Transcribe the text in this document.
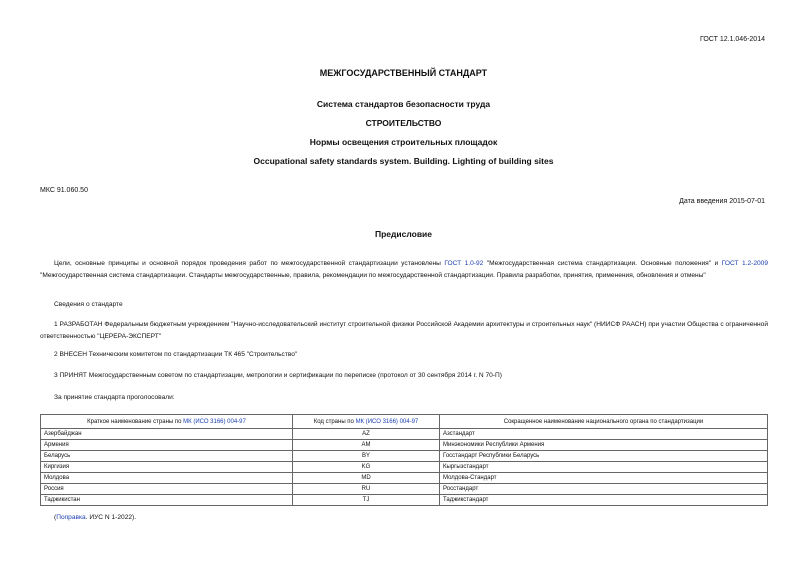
ГОСТ 12.1.046-2014
МЕЖГОСУДАРСТВЕННЫЙ СТАНДАРТ
Система стандартов безопасности труда
СТРОИТЕЛЬСТВО
Нормы освещения строительных площадок
Occupational safety standards system. Building. Lighting of building sites
МКС 91.060.50
Дата введения 2015-07-01
Предисловие

Цели, основные принципы и основной порядок проведения работ по межгосударственной стандартизации установлены ГОСТ 1.0-92 "Межгосударственная система стандартизации. Основные положения" и ГОСТ 1.2-2009 "Межгосударственная система стандартизации. Стандарты межгосударственные, правила, рекомендации по межгосударственной стандартизации. Правила разработки, принятия, применения, обновления и отмены"

Сведения о стандарте

1 РАЗРАБОТАН Федеральным бюджетным учреждением "Научно-исследовательский институт строительной физики Российской Академии архитектуры и строительных наук" (НИИСФ РААСН) при участии Общества с ограниченной ответственностью "ЦЕРЕРА-ЭКСПЕРТ"

2 ВНЕСЕН Техническим комитетом по стандартизации ТК 465 "Строительство"

3 ПРИНЯТ Межгосударственным советом по стандартизации, метрологии и сертификации по переписке (протокол от 30 сентября 2014 г. N 70-П)

За принятие стандарта проголосовали:

Краткое наименование страны по МК (ИСО 3166) 004-97	Код страны по МК (ИСО 3166) 004-97	Сокращенное наименование национального органа по стандартизации
Азербайджан	AZ	Азстандарт
Армения	AM	Минэкономики Республики Армения
Беларусь	BY	Госстандарт Республики Беларусь
Киргизия	KG	Кыргызстандарт
Молдова	MD	Молдова-Стандарт
Россия	RU	Росстандарт
Таджикистан	TJ	Таджикстандарт
(Поправка. ИУС N 1-2022).
